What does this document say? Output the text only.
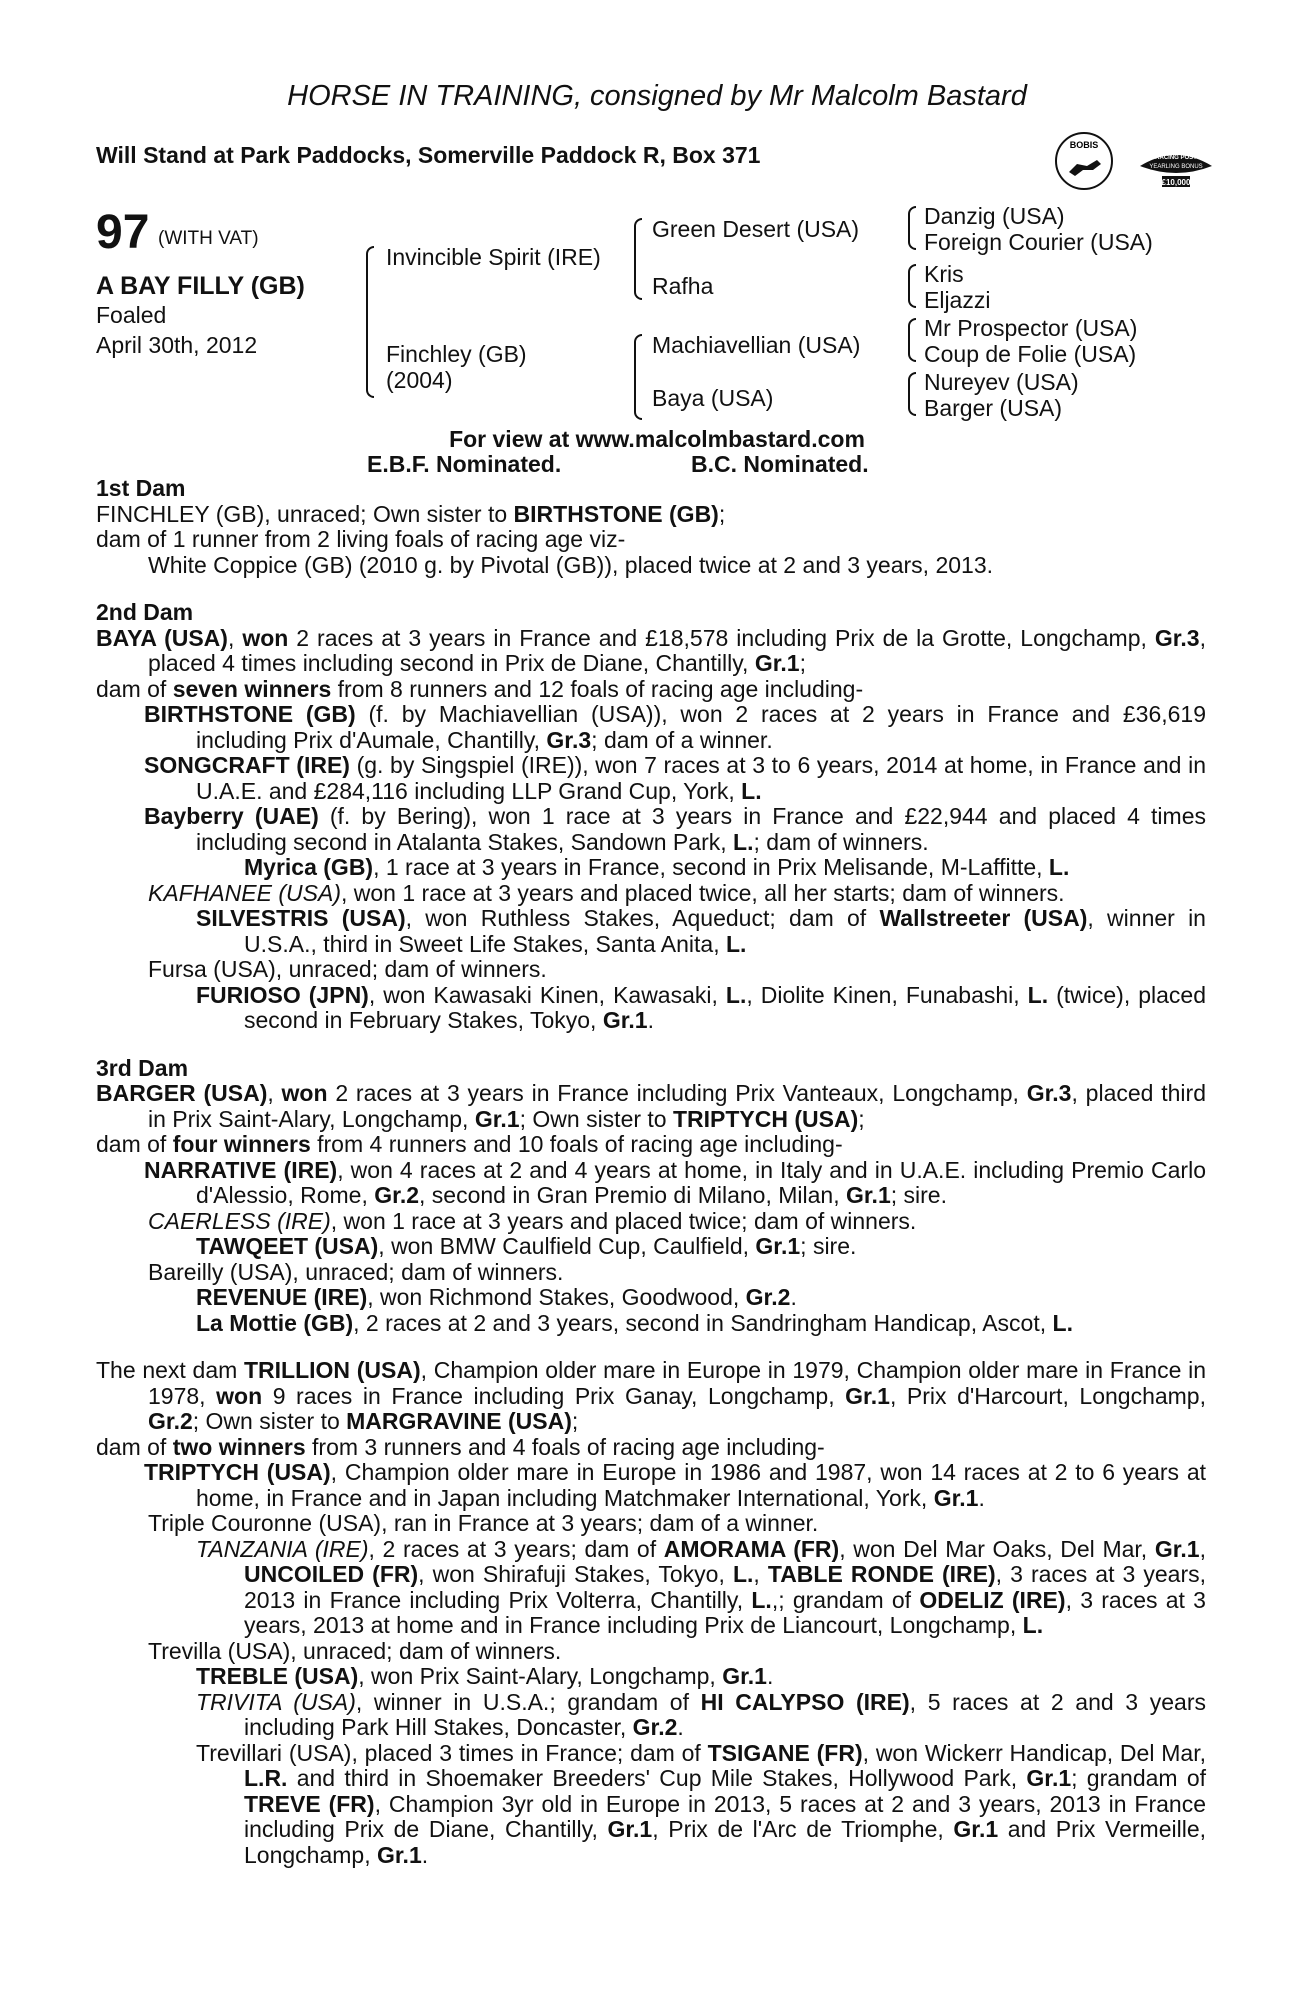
HORSE IN TRAINING, consigned by Mr Malcolm Bastard
Will Stand at Park Paddocks, Somerville Paddock R, Box 371	BOBIS
RACING POST
YEARLING BONUS
£10,000
97 (WITH VAT)
A BAY FILLY (GB)
Foaled
April 30th, 2012
Invincible Spirit (IRE)
Finchley (GB)
(2004)
Green Desert (USA)
Rafha
Machiavellian (USA)
Baya (USA)
Danzig (USA)
Foreign Courier (USA)
Kris
Eljazzi
Mr Prospector (USA)
Coup de Folie (USA)
Nureyev (USA)
Barger (USA)
For view at www.malcolmbastard.com
E.B.F. Nominated.	B.C. Nominated.

1st Dam

FINCHLEY (GB), unraced; Own sister to BIRTHSTONE (GB);

dam of 1 runner from 2 living foals of racing age viz-

White Coppice (GB) (2010 g. by Pivotal (GB)), placed twice at 2 and 3 years, 2013.

2nd Dam

BAYA (USA), won 2 races at 3 years in France and £18,578 including Prix de la Grotte, Longchamp, Gr.3, placed 4 times including second in Prix de Diane, Chantilly, Gr.1;

dam of seven winners from 8 runners and 12 foals of racing age including-

BIRTHSTONE (GB) (f. by Machiavellian (USA)), won 2 races at 2 years in France and £36,619 including Prix d'Aumale, Chantilly, Gr.3; dam of a winner.

SONGCRAFT (IRE) (g. by Singspiel (IRE)), won 7 races at 3 to 6 years, 2014 at home, in France and in U.A.E. and £284,116 including LLP Grand Cup, York, L.

Bayberry (UAE) (f. by Bering), won 1 race at 3 years in France and £22,944 and placed 4 times including second in Atalanta Stakes, Sandown Park, L.; dam of winners.

Myrica (GB), 1 race at 3 years in France, second in Prix Melisande, M-Laffitte, L.

KAFHANEE (USA), won 1 race at 3 years and placed twice, all her starts; dam of winners.

SILVESTRIS (USA), won Ruthless Stakes, Aqueduct; dam of Wallstreeter (USA), winner in U.S.A., third in Sweet Life Stakes, Santa Anita, L.

Fursa (USA), unraced; dam of winners.

FURIOSO (JPN), won Kawasaki Kinen, Kawasaki, L., Diolite Kinen, Funabashi, L. (twice), placed second in February Stakes, Tokyo, Gr.1.

3rd Dam

BARGER (USA), won 2 races at 3 years in France including Prix Vanteaux, Longchamp, Gr.3, placed third in Prix Saint-Alary, Longchamp, Gr.1; Own sister to TRIPTYCH (USA);

dam of four winners from 4 runners and 10 foals of racing age including-

NARRATIVE (IRE), won 4 races at 2 and 4 years at home, in Italy and in U.A.E. including Premio Carlo d'Alessio, Rome, Gr.2, second in Gran Premio di Milano, Milan, Gr.1; sire.

CAERLESS (IRE), won 1 race at 3 years and placed twice; dam of winners.

TAWQEET (USA), won BMW Caulfield Cup, Caulfield, Gr.1; sire.

Bareilly (USA), unraced; dam of winners.

REVENUE (IRE), won Richmond Stakes, Goodwood, Gr.2.

La Mottie (GB), 2 races at 2 and 3 years, second in Sandringham Handicap, Ascot, L.

The next dam TRILLION (USA), Champion older mare in Europe in 1979, Champion older mare in France in 1978, won 9 races in France including Prix Ganay, Longchamp, Gr.1, Prix d'Harcourt, Longchamp, Gr.2; Own sister to MARGRAVINE (USA);

dam of two winners from 3 runners and 4 foals of racing age including-

TRIPTYCH (USA), Champion older mare in Europe in 1986 and 1987, won 14 races at 2 to 6 years at home, in France and in Japan including Matchmaker International, York, Gr.1.

Triple Couronne (USA), ran in France at 3 years; dam of a winner.

TANZANIA (IRE), 2 races at 3 years; dam of AMORAMA (FR), won Del Mar Oaks, Del Mar, Gr.1, UNCOILED (FR), won Shirafuji Stakes, Tokyo, L., TABLE RONDE (IRE), 3 races at 3 years, 2013 in France including Prix Volterra, Chantilly, L.,; grandam of ODELIZ (IRE), 3 races at 3 years, 2013 at home and in France including Prix de Liancourt, Longchamp, L.

Trevilla (USA), unraced; dam of winners.

TREBLE (USA), won Prix Saint-Alary, Longchamp, Gr.1.

TRIVITA (USA), winner in U.S.A.; grandam of HI CALYPSO (IRE), 5 races at 2 and 3 years including Park Hill Stakes, Doncaster, Gr.2.

Trevillari (USA), placed 3 times in France; dam of TSIGANE (FR), won Wickerr Handicap, Del Mar, L.R. and third in Shoemaker Breeders' Cup Mile Stakes, Hollywood Park, Gr.1; grandam of TREVE (FR), Champion 3yr old in Europe in 2013, 5 races at 2 and 3 years, 2013 in France including Prix de Diane, Chantilly, Gr.1, Prix de l'Arc de Triomphe, Gr.1 and Prix Vermeille, Longchamp, Gr.1.
